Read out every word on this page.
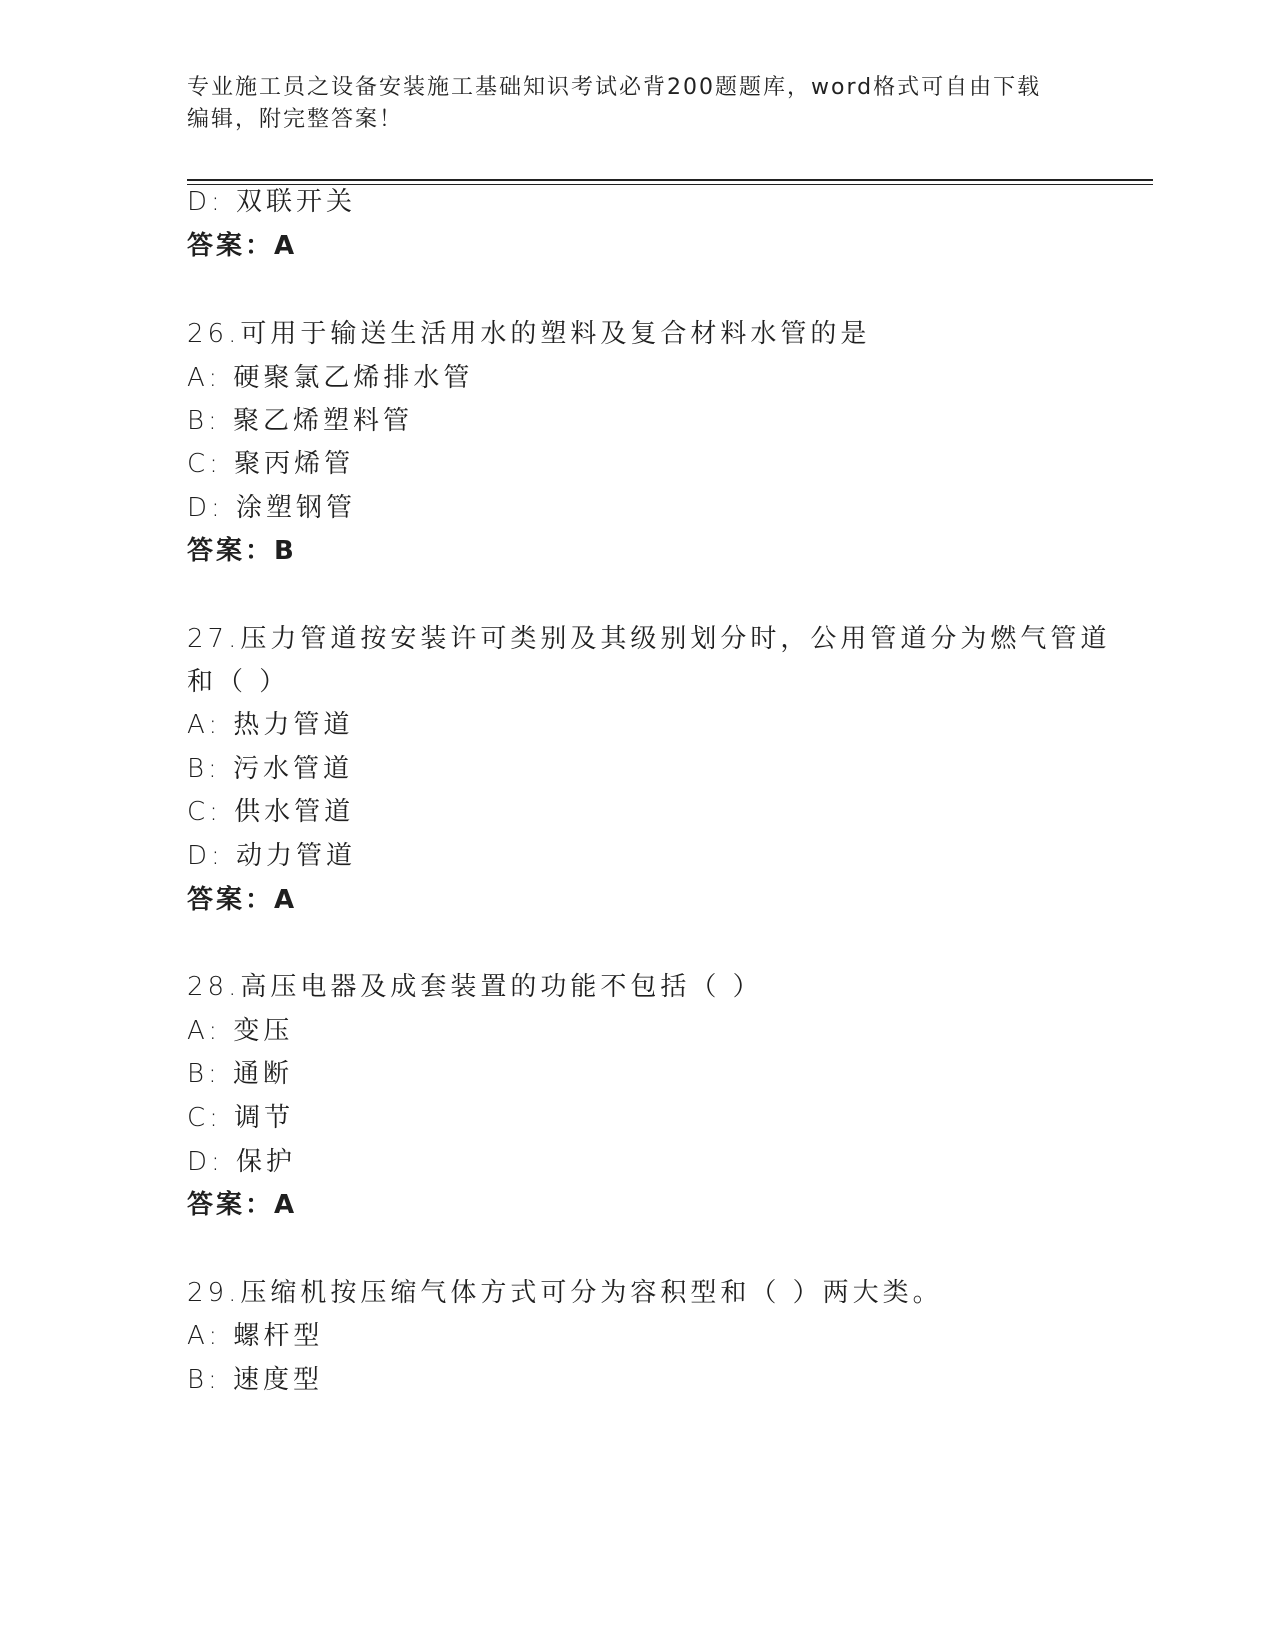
专业施工员之设备安装施工基础知识考试必背200题题库，word格式可自由下载
编辑，附完整答案！
D: 双联开关
答案：A
26.可用于输送生活用水的塑料及复合材料水管的是
A: 硬聚氯乙烯排水管
B: 聚乙烯塑料管
C: 聚丙烯管
D: 涂塑钢管
答案：B
27.压力管道按安装许可类别及其级别划分时，公用管道分为燃气管道
和（ ）
A: 热力管道
B: 污水管道
C: 供水管道
D: 动力管道
答案：A
28.高压电器及成套装置的功能不包括（ ）
A: 变压
B: 通断
C: 调节
D: 保护
答案：A
29.压缩机按压缩气体方式可分为容积型和（ ）两大类。
A: 螺杆型
B: 速度型
